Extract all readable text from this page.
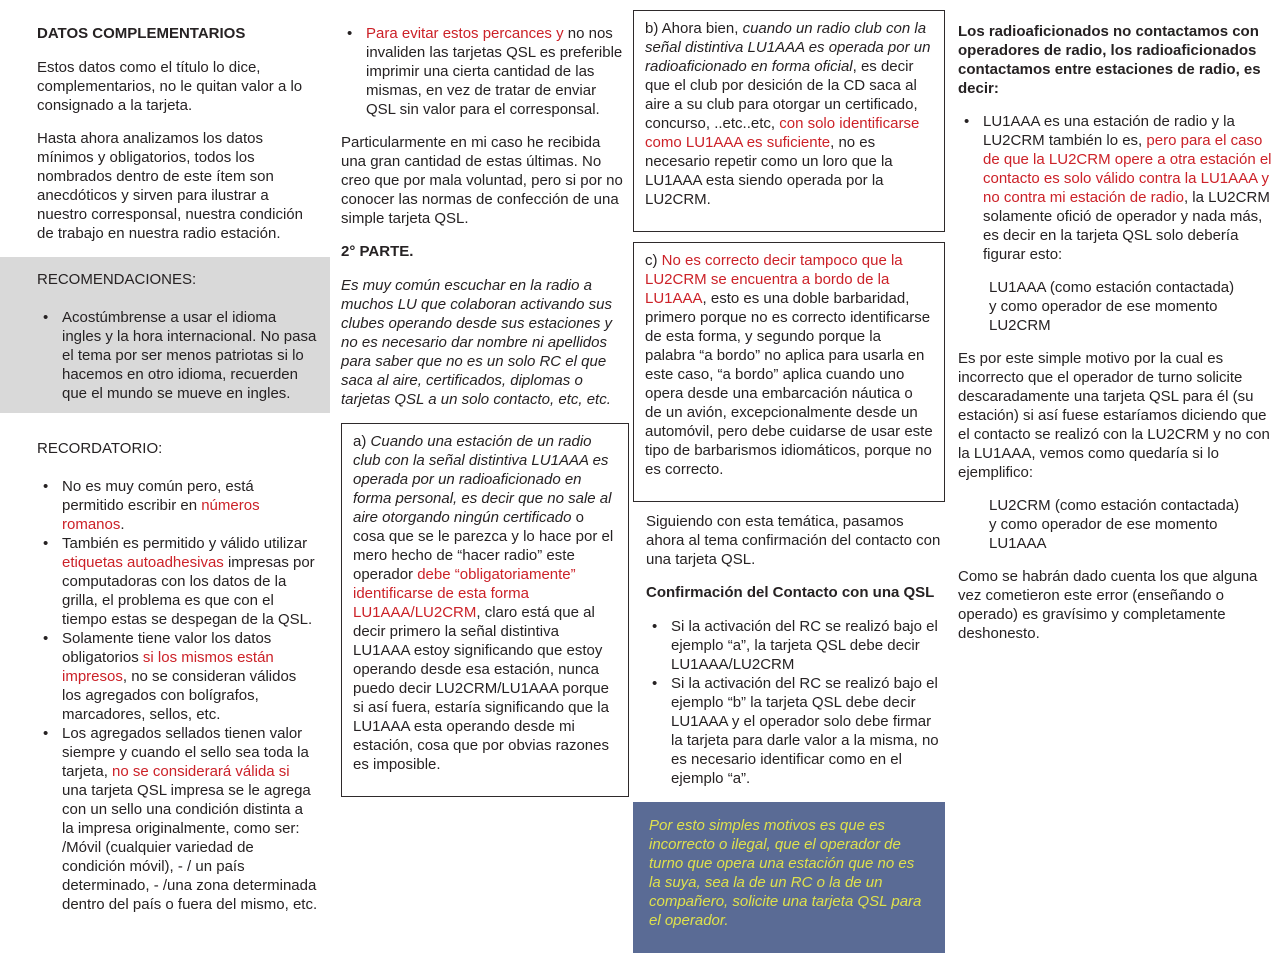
DATOS COMPLEMENTARIOS
Estos datos como el título lo dice, complementarios, no le quitan valor a lo consignado a la tarjeta.
Hasta ahora analizamos los datos mínimos y obligatorios, todos los nombrados dentro de este ítem son anecdóticos y sirven para ilustrar a nuestro corresponsal, nuestra condición de trabajo en nuestra radio estación.
RECOMENDACIONES:
• Acostúmbrense a usar el idioma ingles y la hora internacional. No pasa el tema por ser menos patriotas si lo hacemos en otro idioma, recuerden que el mundo se mueve en ingles.
RECORDATORIO:
• No es muy común pero, está permitido escribir en números romanos.
• También es permitido y válido utilizar etiquetas autoadhesivas impresas por computadoras con los datos de la grilla, el problema es que con el tiempo estas se despegan de la QSL.
• Solamente tiene valor los datos obligatorios si los mismos están impresos, no se consideran válidos los agregados con bolígrafos, marcadores, sellos, etc.
• Los agregados sellados tienen valor siempre y cuando el sello sea toda la tarjeta, no se considerará válida si una tarjeta QSL impresa se le agrega con un sello una condición distinta a la impresa originalmente, como ser: /Móvil (cualquier variedad de condición móvil), - / un país determinado, - /una zona determinada dentro del país o fuera del mismo, etc.
• Para evitar estos percances y no nos invaliden las tarjetas QSL es preferible imprimir una cierta cantidad de las mismas, en vez de tratar de enviar QSL sin valor para el corresponsal.
Particularmente en mi caso he recibida una gran cantidad de estas últimas. No creo que por mala voluntad, pero si por no conocer las normas de confección de una simple tarjeta QSL.
2° PARTE.
Es muy común escuchar en la radio a muchos LU que colaboran activando sus clubes operando desde sus estaciones y no es necesario dar nombre ni apellidos para saber que no es un solo RC el que saca al aire, certificados, diplomas o tarjetas QSL a un solo contacto, etc, etc.
a) Cuando una estación de un radio club con la señal distintiva LU1AAA es operada por un radioaficionado en forma personal, es decir que no sale al aire otorgando ningún certificado o cosa que se le parezca y lo hace por el mero hecho de “hacer radio” este operador debe “obligatoriamente” identificarse de esta forma LU1AAA/LU2CRM, claro está que al decir primero la señal distintiva LU1AAA estoy significando que estoy operando desde esa estación, nunca puedo decir LU2CRM/LU1AAA porque si así fuera, estaría significando que la LU1AAA esta operando desde mi estación, cosa que por obvias razones es imposible.
b) Ahora bien, cuando un radio club con la señal distintiva LU1AAA es operada por un radioaficionado en forma oficial, es decir que el club por desición de la CD saca al aire a su club para otorgar un certificado, concurso, ..etc..etc, con solo identificarse como LU1AAA es suficiente, no es necesario repetir como un loro que la LU1AAA esta siendo operada por la LU2CRM.
c) No es correcto decir tampoco que la LU2CRM se encuentra a bordo de la LU1AAA, esto es una doble barbaridad, primero porque no es correcto identificarse de esta forma, y segundo porque la palabra “a bordo” no aplica para usarla en este caso, “a bordo” aplica cuando uno opera desde una embarcación náutica o de un avión, excepcionalmente desde un automóvil, pero debe cuidarse de usar este tipo de barbarismos idiomáticos, porque no es correcto.
Siguiendo con esta temática, pasamos ahora al tema confirmación del contacto con una tarjeta QSL.
Confirmación del Contacto con una QSL
• Si la activación del RC se realizó bajo el ejemplo “a”, la tarjeta QSL debe decir LU1AAA/LU2CRM
• Si la activación del RC se realizó bajo el ejemplo “b” la tarjeta QSL debe decir LU1AAA y el operador solo debe firmar la tarjeta para darle valor a la misma, no es necesario identificar como en el ejemplo “a”.
Por esto simples motivos es que es incorrecto o ilegal, que el operador de turno que opera una estación que no es la suya, sea la de un RC o la de un compañero, solicite una tarjeta QSL para el operador.
Los radioaficionados no contactamos con operadores de radio, los radioaficionados contactamos entre estaciones de radio, es decir:
• LU1AAA es una estación de radio y la LU2CRM también lo es, pero para el caso de que la LU2CRM opere a otra estación el contacto es solo válido contra la LU1AAA y no contra mi estación de radio, la LU2CRM solamente ofició de operador y nada más, es decir en la tarjeta QSL solo debería figurar esto:
LU1AAA (como estación contactada)
y como operador de ese momento
LU2CRM
Es por este simple motivo por la cual es incorrecto que el operador de turno solicite descaradamente una tarjeta QSL para él (su estación) si así fuese estaríamos diciendo que el contacto se realizó con la LU2CRM y no con la LU1AAA, vemos como quedaría si lo ejemplifico:
LU2CRM (como estación contactada)
y como operador de ese momento
LU1AAA
Como se habrán dado cuenta los que alguna vez cometieron este error (enseñando o operado) es gravísimo y completamente deshonesto.
